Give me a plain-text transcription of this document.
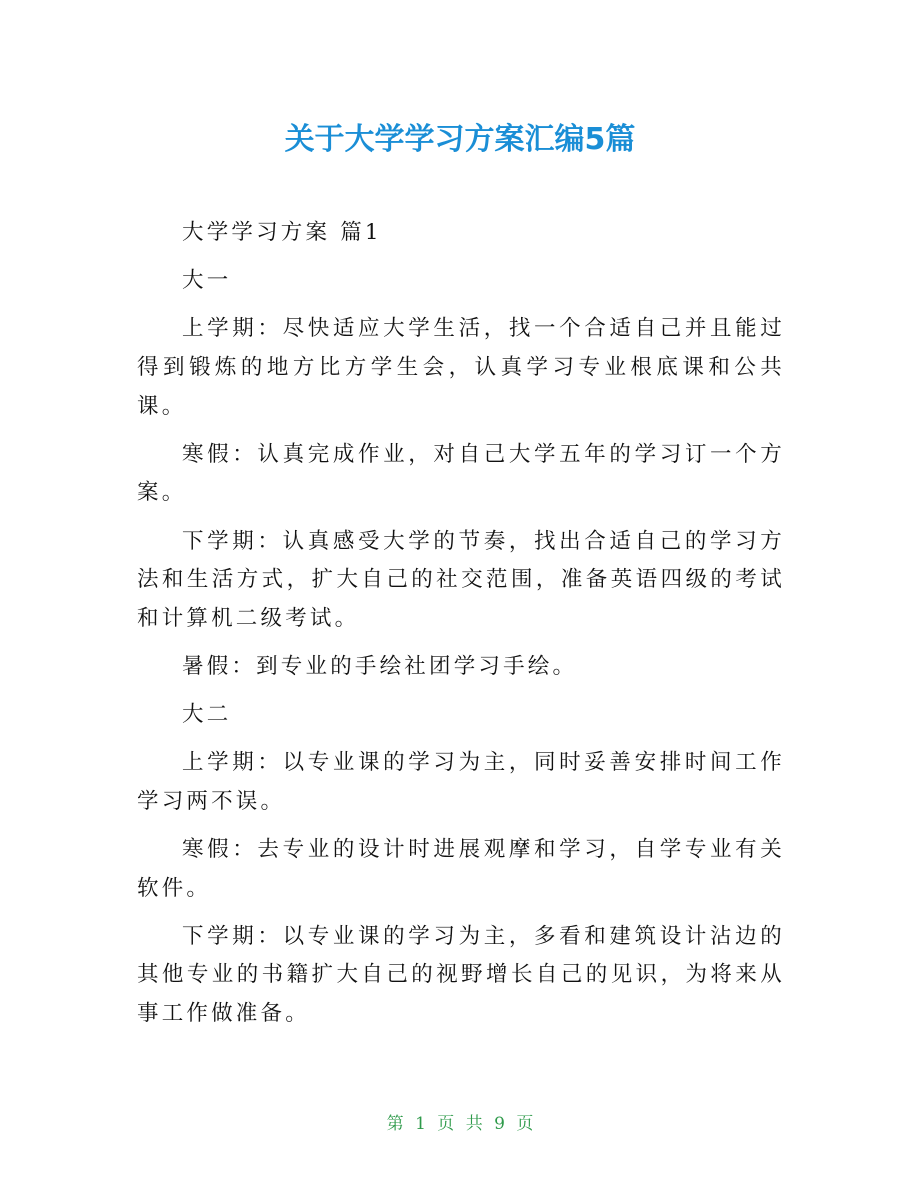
关于大学学习方案汇编5篇

大学学习方案 篇1

大一

上学期：尽快适应大学生活，找一个合适自己并且能过得到锻炼的地方比方学生会，认真学习专业根底课和公共课。

寒假：认真完成作业，对自己大学五年的学习订一个方案。

下学期：认真感受大学的节奏，找出合适自己的学习方法和生活方式，扩大自己的社交范围，准备英语四级的考试和计算机二级考试。

暑假：到专业的手绘社团学习手绘。

大二

上学期：以专业课的学习为主，同时妥善安排时间工作学习两不误。

寒假：去专业的设计时进展观摩和学习，自学专业有关软件。

下学期：以专业课的学习为主，多看和建筑设计沾边的其他专业的书籍扩大自己的视野增长自己的见识，为将来从事工作做准备。

第 1 页 共 9 页
